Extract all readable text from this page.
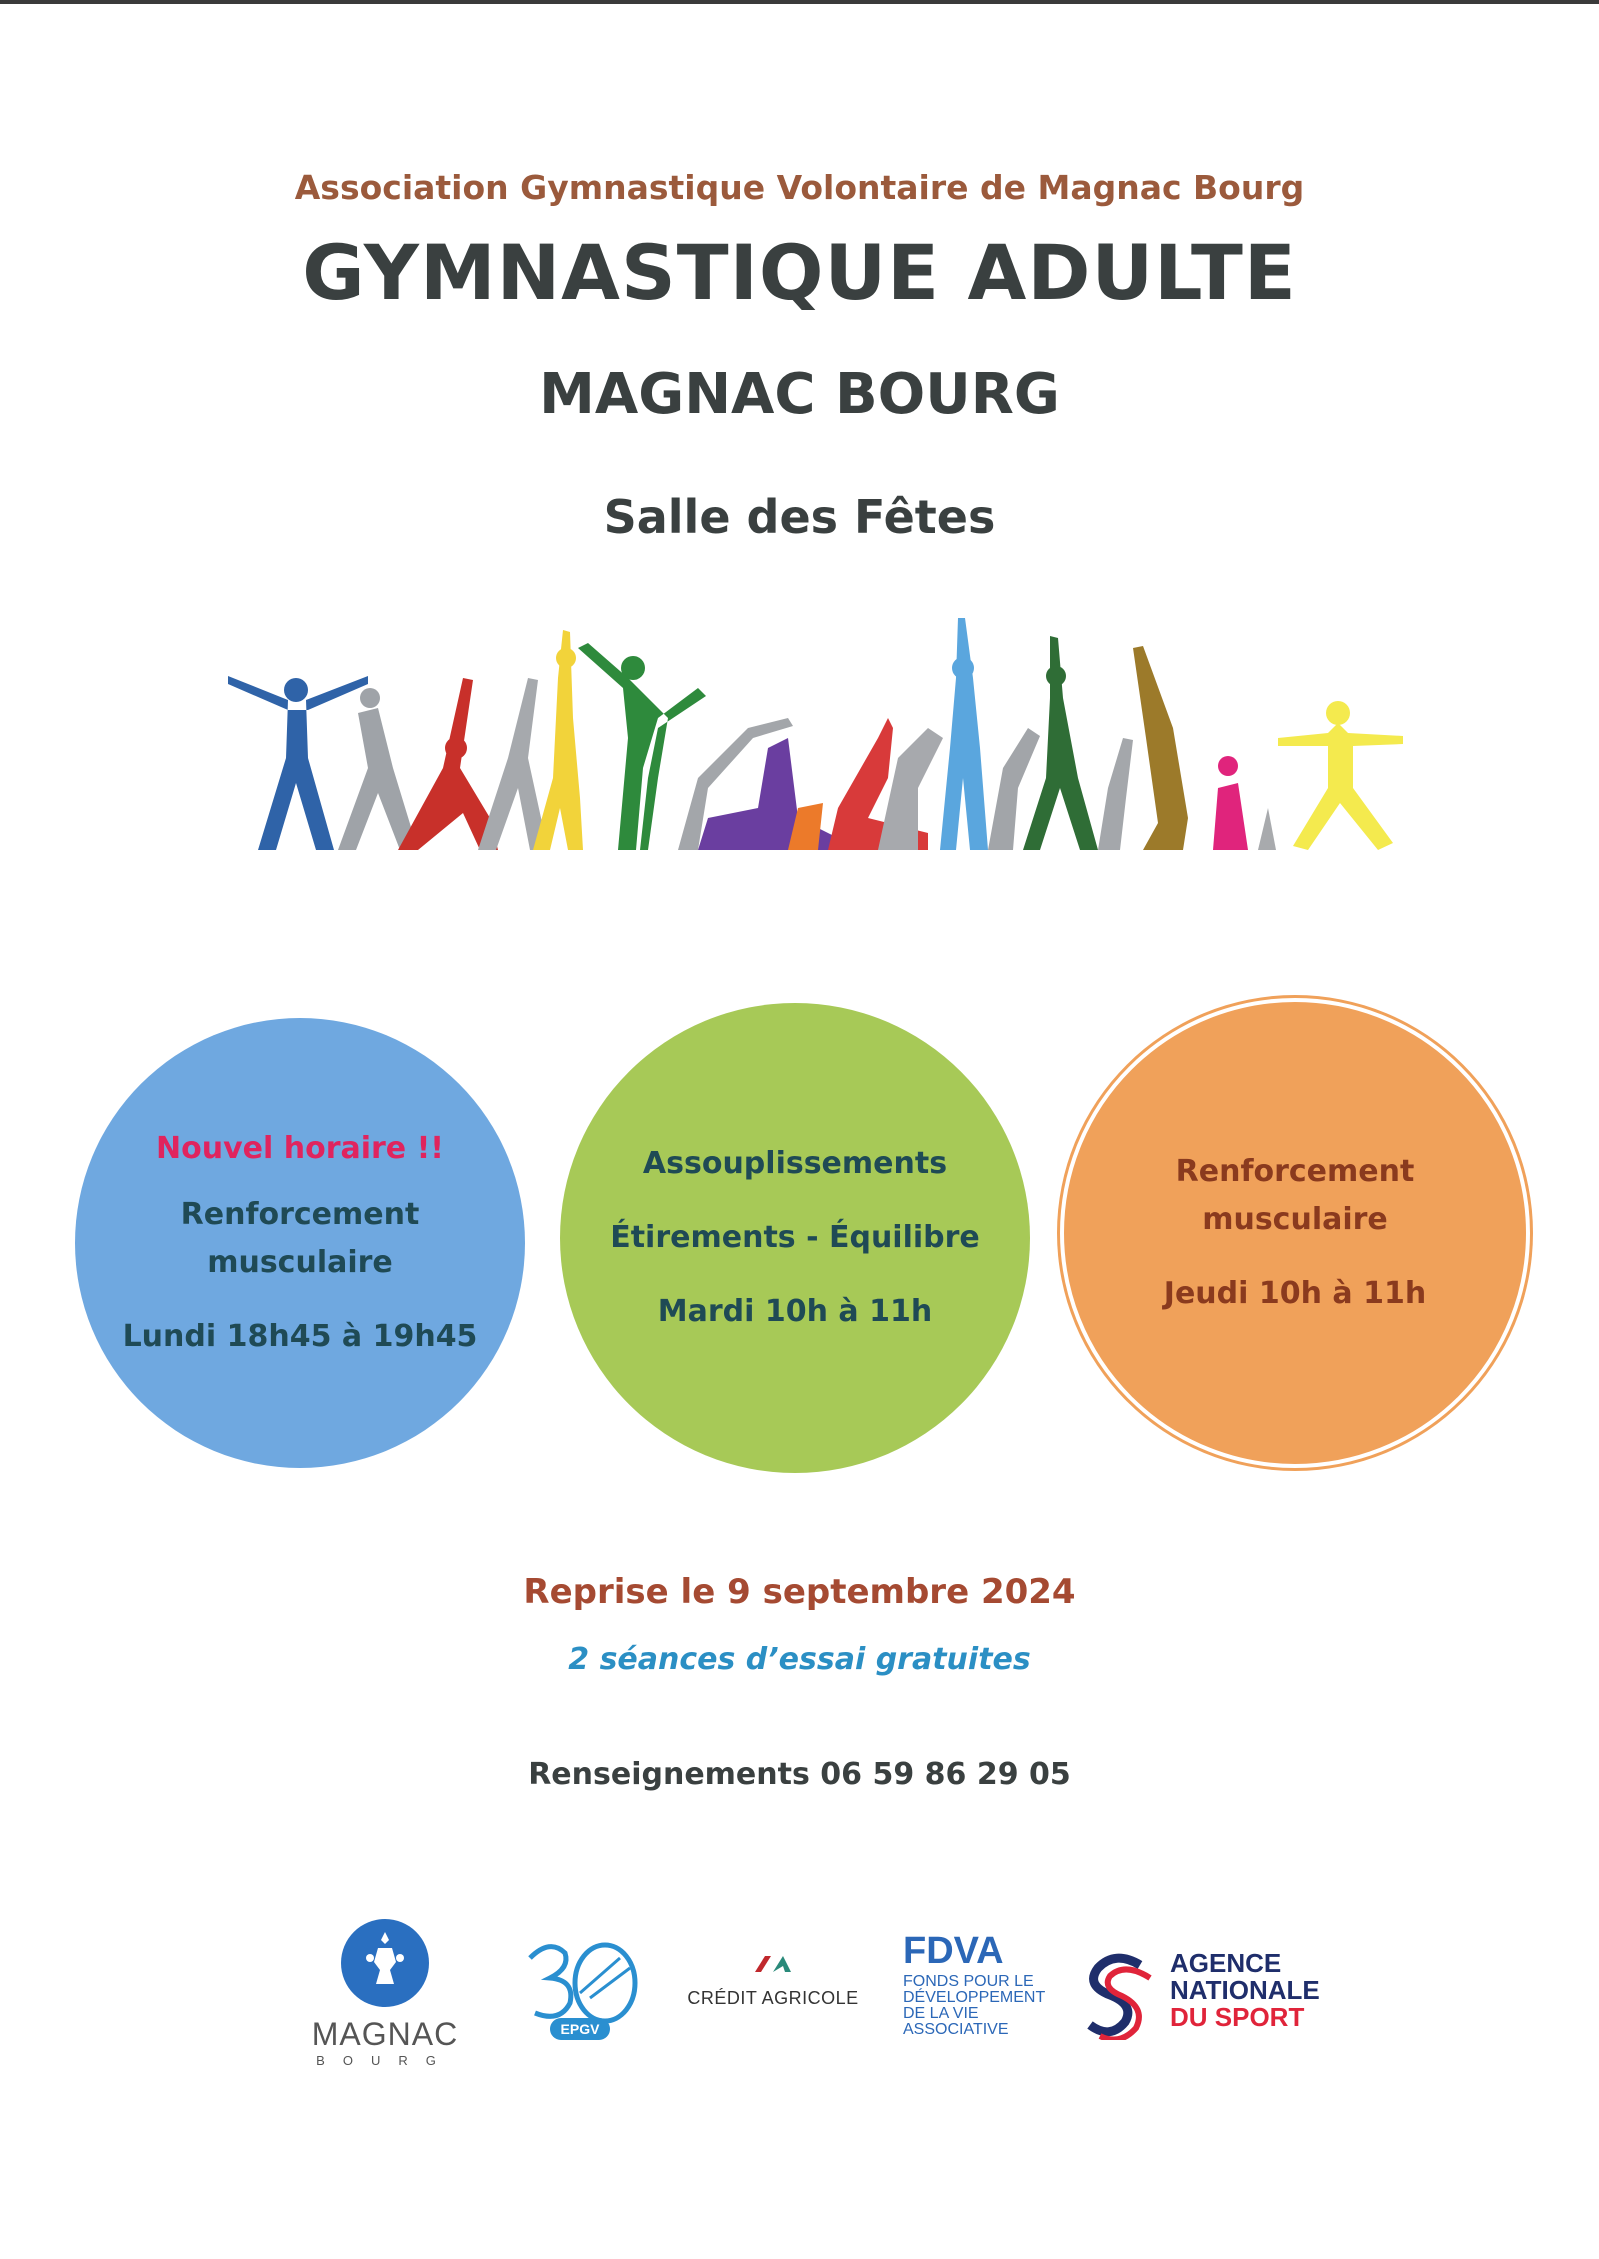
Association Gymnastique Volontaire de Magnac Bourg
GYMNASTIQUE ADULTE
MAGNAC BOURG
Salle des Fêtes
Nouvel horaire !!
Renforcement
musculaire
Lundi 18h45 à 19h45
Assouplissements
Étirements - Équilibre
Mardi 10h à 11h
Renforcement
musculaire
Jeudi 10h à 11h
Reprise le 9 septembre 2024
2 séances d’essai gratuites
Renseignements 06 59 86 29 05
MAGNAC
BOURG
EPGV
CRÉDIT AGRICOLE
FDVA
FONDS POUR LE
DÉVELOPPEMENT
DE LA VIE
ASSOCIATIVE
AGENCE
NATIONALE
DU SPORT
